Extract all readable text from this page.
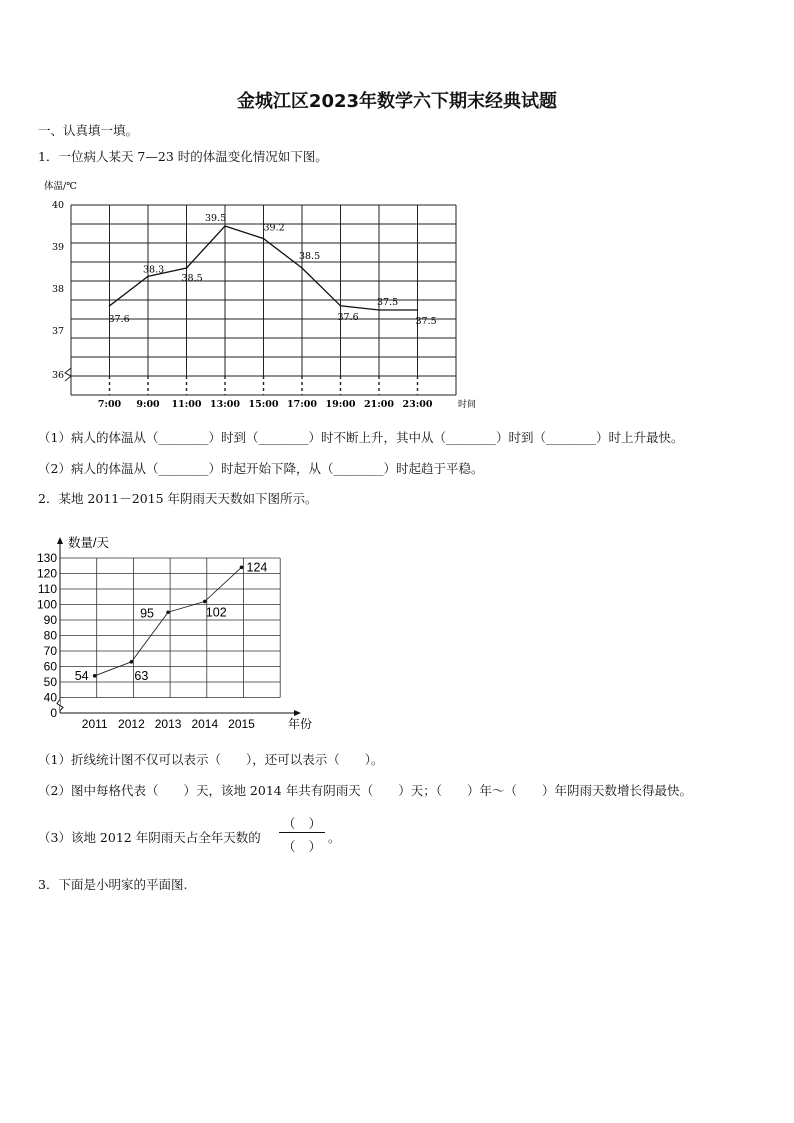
金城江区2023年数学六下期末经典试题
一、认真填一填。
1．一位病人某天 7—23 时的体温变化情况如下图。
体温/℃
36
37
38
39
40
7:00 9:00 11:00 13:00 15:00 17:00 19:00 21:00 23:00	时间
37.6
38.3
38.5
39.5
39.2
38.5
37.6
37.5
37.5
（1）病人的体温从（________）时到（________）时不断上升，其中从（________）时到（________）时上升最快。
（2）病人的体温从（________）时起开始下降，从（________）时起趋于平稳。
2．某地 2011－2015 年阴雨天天数如下图所示。
数量/天
0
40
50
60
70
80
90
100
110
120
130
2011 2012 2013 2014 2015	年份
54	63
95	102
124
（1）折线统计图不仅可以表示（　　），还可以表示（　　）。
（2）图中每格代表（　　）天，该地 2014 年共有阴雨天（　　）天；（　　）年～（　　）年阴雨天数增长得最快。
（3）该地 2012 年阴雨天占全年天数的
（　）
（　）
。
3．下面是小明家的平面图.
